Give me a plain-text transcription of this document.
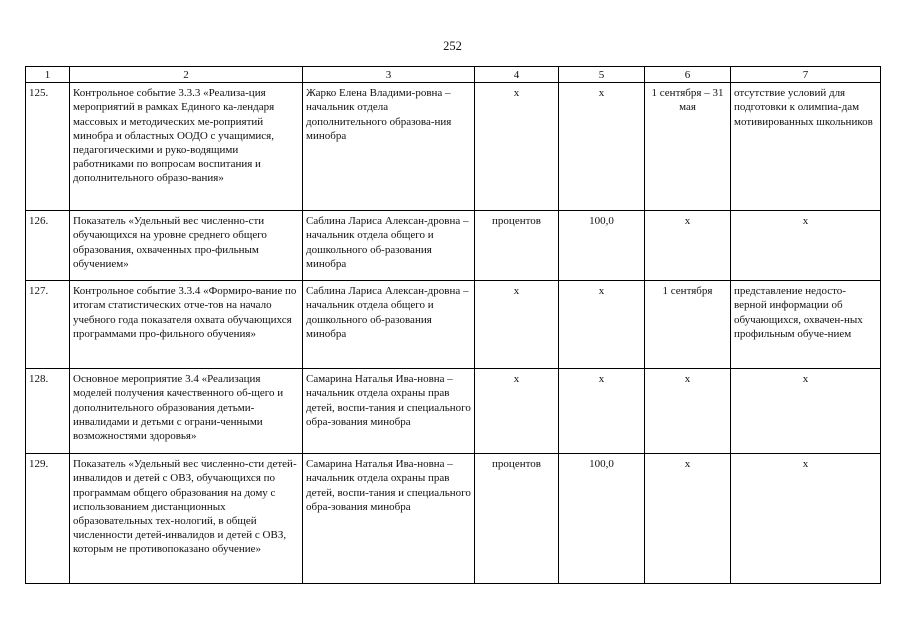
252
1	2	3	4	5	6	7
125.	Контрольное событие 3.3.3 «Реализа-ция мероприятий в рамках Единого ка-лендаря массовых и методических ме-роприятий минобра и областных ООДО с учащимися, педагогическими и руко-водящими работниками по вопросам воспитания и дополнительного образо-вания»	Жарко Елена Владими-ровна – начальник отдела дополнительного образова-ния минобра	х	х	1 сентября – 31 мая	отсутствие условий для подготовки к олимпиа-дам мотивированных школьников
126.	Показатель «Удельный вес численно-сти обучающихся на уровне среднего общего образования, охваченных про-фильным обучением»	Саблина Лариса Алексан-дровна – начальник отдела общего и дошкольного об-разования минобра	процентов	100,0	х	х
127.	Контрольное событие 3.3.4 «Формиро-вание по итогам статистических отче-тов на начало учебного года показателя охвата обучающихся программами про-фильного обучения»	Саблина Лариса Алексан-дровна – начальник отдела общего и дошкольного об-разования минобра	х	х	1 сентября	представление недосто-верной информации об обучающихся, охвачен-ных профильным обуче-нием
128.	Основное мероприятие 3.4 «Реализация моделей получения качественного об-щего и дополнительного образования детьми-инвалидами и детьми с ограни-ченными возможностями здоровья»	Самарина Наталья Ива-новна – начальник отдела охраны прав детей, воспи-тания и специального обра-зования минобра	х	х	х	х
129.	Показатель «Удельный вес численно-сти детей-инвалидов и детей с ОВЗ, обучающихся по программам общего образования на дому с использованием дистанционных образовательных тех-нологий, в общей численности детей-инвалидов и детей с ОВЗ, которым не противопоказано обучение»	Самарина Наталья Ива-новна – начальник отдела охраны прав детей, воспи-тания и специального обра-зования минобра	процентов	100,0	х	х
